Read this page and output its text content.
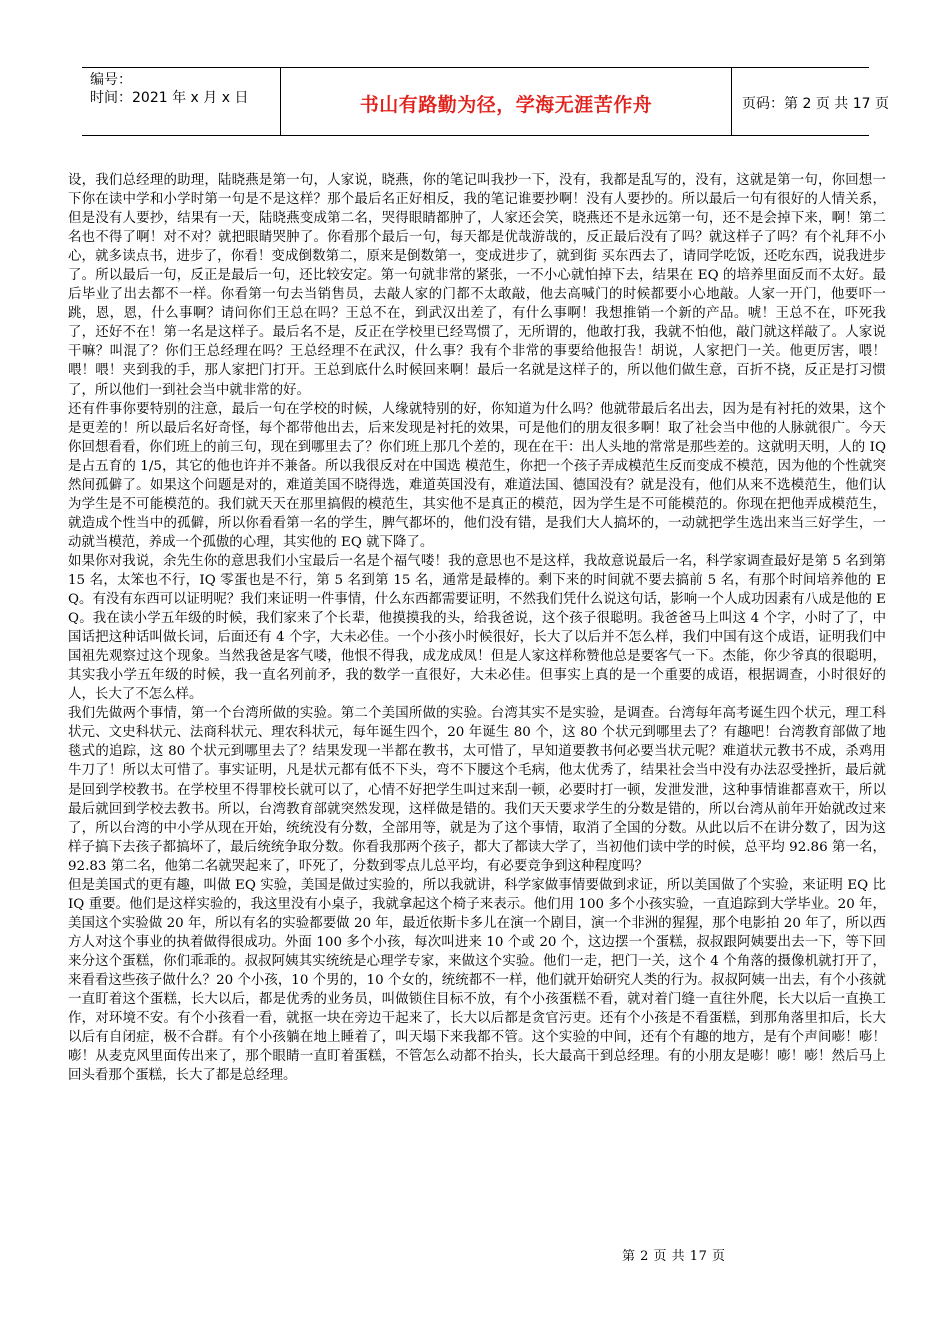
编号：
时间：2021 年 x 月 x 日	书山有路勤为径，学海无涯苦作舟	页码：第 2 页 共 17 页

设，我们总经理的助理，陆晓燕是第一句，人家说，晓燕，你的笔记叫我抄一下，没有，我都是乱写的，没有，这就是第一句，你回想一下你在读中学和小学时第一句是不是这样？那个最后名正好相反，我的笔记谁要抄啊！没有人要抄的。所以最后一句有很好的人情关系，但是没有人要抄，结果有一天，陆晓燕变成第二名，哭得眼睛都肿了，人家还会笑，晓燕还不是永远第一句，还不是会掉下来，啊！第二名也不得了啊！对不对？就把眼睛哭肿了。你看那个最后一句，每天都是优哉游哉的，反正最后没有了吗？就这样子了吗？有个礼拜不小心，就多读点书，进步了，你看！变成倒数第二，原来是倒数第一，变成进步了，就到街 买东西去了，请同学吃饭，还吃东西，说我进步了。所以最后一句，反正是最后一句，还比较安定。第一句就非常的紧张，一不小心就怕掉下去，结果在 EQ 的培养里面反而不太好。最后毕业了出去都不一样。你看第一句去当销售员，去敲人家的门都不太敢敲，他去高喊门的时候都要小心地敲。人家一开门，他要吓一跳，恩，恩，什么事啊？请问你们王总在吗？王总不在，到武汉出差了，有什么事啊！我想推销一个新的产品。唬！王总不在，吓死我了，还好不在！第一名是这样子。最后名不是，反正在学校里已经骂惯了，无所谓的，他敢打我，我就不怕他，敲门就这样敲了。人家说干嘛？叫混了？你们王总经理在吗？王总经理不在武汉，什么事？我有个非常的事要给他报告！胡说，人家把门一关。他更厉害，喂！喂！喂！夹到我的手，那人家把门打开。王总到底什么时候回来啊！最后一名就是这样子的，所以他们做生意，百折不挠，反正是打习惯了，所以他们一到社会当中就非常的好。

还有件事你要特别的注意，最后一句在学校的时候，人缘就特别的好，你知道为什么吗？他就带最后名出去，因为是有衬托的效果，这个是更差的！所以最后名好奇怪，每个都带他出去，后来发现是衬托的效果，可是他们的朋友很多啊！取了社会当中他的人脉就很广。今天你回想看看，你们班上的前三句，现在到哪里去了？你们班上那几个差的，现在在干：出人头地的常常是那些差的。这就明天明，人的 IQ 是占五育的 1/5，其它的他也许并不兼备。所以我很反对在中国选 模范生，你把一个孩子弄成模范生反而变成不模范，因为他的个性就突然间孤僻了。如果这个问题是对的，难道美国不晓得选，难道英国没有，难道法国、德国没有？就是没有，他们从来不选模范生，他们认为学生是不可能模范的。我们就天天在那里搞假的模范生，其实他不是真正的模范，因为学生是不可能模范的。你现在把他弄成模范生，就造成个性当中的孤僻，所以你看看第一名的学生，脾气都坏的，他们没有错，是我们大人搞坏的，一动就把学生选出来当三好学生，一动就当模范，养成一个孤傲的心理，其实他的 EQ 就下降了。

如果你对我说，余先生你的意思我们小宝最后一名是个福气喽！我的意思也不是这样，我故意说最后一名，科学家调查最好是第 5 名到第 15 名，太笨也不行，IQ 零蛋也是不行，第 5 名到第 15 名，通常是最棒的。剩下来的时间就不要去搞前 5 名，有那个时间培养他的 EQ。有没有东西可以证明呢？我们来证明一件事情，什么东西都需要证明，不然我们凭什么说这句话，影响一个人成功因素有八成是他的 EQ。我在读小学五年级的时候，我们家来了个长辈，他摸摸我的头，给我爸说，这个孩子很聪明。我爸爸马上叫这 4 个字，小时了了，中国话把这种话叫做长词，后面还有 4 个字，大未必佳。一个小孩小时候很好，长大了以后并不怎么样，我们中国有这个成语，证明我们中国祖先观察过这个现象。当然我爸是客气喽，他恨不得我，成龙成凤！但是人家这样称赞他总是要客气一下。杰能，你少爷真的很聪明，其实我小学五年级的时候，我一直名列前矛，我的数学一直很好，大未必佳。但事实上真的是一个重要的成语，根据调查，小时很好的人，长大了不怎么样。

我们先做两个事情，第一个台湾所做的实验。第二个美国所做的实验。台湾其实不是实验，是调查。台湾每年高考诞生四个状元，理工科状元、文史科状元、法商科状元、理农科状元，每年诞生四个，20 年诞生 80 个，这 80 个状元到哪里去了？有趣吧！台湾教育部做了地毯式的追踪，这 80 个状元到哪里去了？结果发现一半都在教书，太可惜了，早知道要教书何必要当状元呢？难道状元教书不成，杀鸡用牛刀了！所以太可惜了。事实证明，凡是状元都有低不下头，弯不下腰这个毛病，他太优秀了，结果社会当中没有办法忍受挫折，最后就是回到学校教书。在学校里不得罪校长就可以了，心情不好把学生叫过来刮一顿，必要时打一顿，发泄发泄，这种事情谁都喜欢干，所以最后就回到学校去教书。所以，台湾教育部就突然发现，这样做是错的。我们天天要求学生的分数是错的，所以台湾从前年开始就改过来了，所以台湾的中小学从现在开始，统统没有分数，全部用等，就是为了这个事情，取消了全国的分数。从此以后不在讲分数了，因为这样子搞下去孩子都搞坏了，最后统统争取分数。你看我那两个孩子，都大了都读大学了，当初他们读中学的时候，总平均 92.86 第一名，92.83 第二名，他第二名就哭起来了，吓死了，分数到零点儿总平均，有必要竞争到这种程度吗？

但是美国式的更有趣，叫做 EQ 实验，美国是做过实验的，所以我就讲，科学家做事情要做到求证，所以美国做了个实验，来证明 EQ 比 IQ 重要。他们是这样实验的，我这里没有小桌子，我就拿起这个椅子来表示。他们用 100 多个小孩实验，一直追踪到大学毕业。20 年，美国这个实验做 20 年，所以有名的实验都要做 20 年，最近依斯卡多儿在演一个剧目，演一个非洲的猩猩，那个电影拍 20 年了，所以西方人对这个事业的执着做得很成功。外面 100 多个小孩，每次叫进来 10 个或 20 个，这边摆一个蛋糕，叔叔跟阿姨要出去一下，等下回来分这个蛋糕，你们乖乖的。叔叔阿姨其实统统是心理学专家，来做这个实验。他们一走，把门一关，这个 4 个角落的摄像机就打开了，来看看这些孩子做什么？20 个小孩，10 个男的，10 个女的，统统都不一样，他们就开始研究人类的行为。叔叔阿姨一出去，有个小孩就一直盯着这个蛋糕，长大以后，都是优秀的业务员，叫做锁住目标不放，有个小孩蛋糕不看，就对着门缝一直往外爬，长大以后一直换工作，对环境不安。有个小孩看一看，就抠一块在旁边干起来了，长大以后都是贪官污吏。还有个小孩是不看蛋糕，到那角落里扣后，长大以后有自闭症，极不合群。有个小孩躺在地上睡着了，叫天塌下来我都不管。这个实验的中间，还有个有趣的地方，是有个声间嘭！嘭！嘭！从麦克风里面传出来了，那个眼睛一直盯着蛋糕，不管怎么动都不抬头，长大最高干到总经理。有的小朋友是嘭！嘭！嘭！然后马上回头看那个蛋糕，长大了都是总经理。

第 2 页 共 17 页
